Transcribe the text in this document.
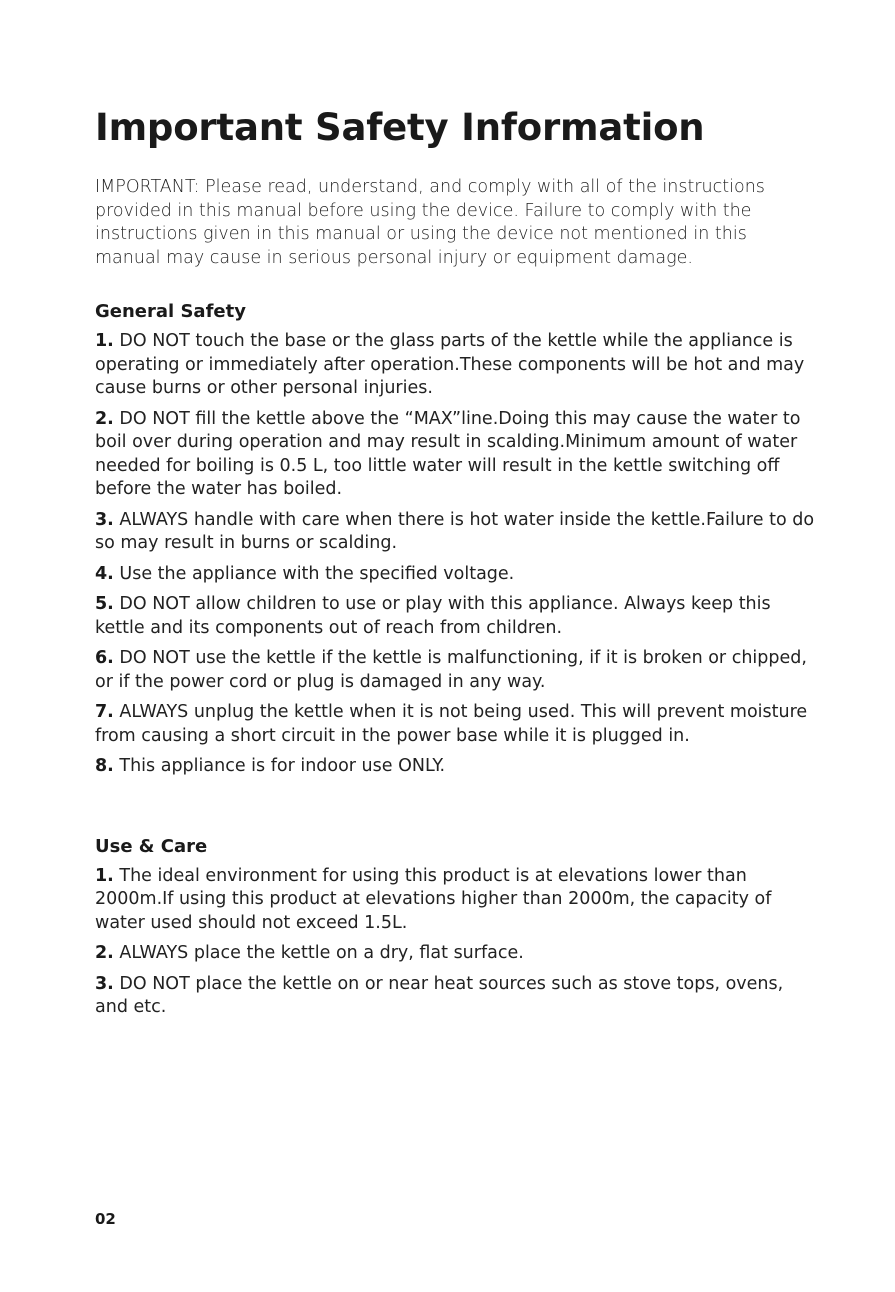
Important Safety Information

IMPORTANT: Please read, understand, and comply with all of the instructions provided in this manual before using the device. Failure to comply with the instructions given in this manual or using the device not mentioned in this manual may cause in serious personal injury or equipment damage.

General Safety

1. DO NOT touch the base or the glass parts of the kettle while the appliance is operating or immediately after operation.These components will be hot and may cause burns or other personal injuries.

2. DO NOT fill the kettle above the “MAX”line.Doing this may cause the water to boil over during operation and may result in scalding.Minimum amount of water needed for boiling is 0.5 L, too little water will result in the kettle switching off before the water has boiled.

3. ALWAYS handle with care when there is hot water inside the kettle.Failure to do so may result in burns or scalding.

4. Use the appliance with the specified voltage.

5. DO NOT allow children to use or play with this appliance. Always keep this kettle and its components out of reach from children.

6. DO NOT use the kettle if the kettle is malfunctioning, if it is broken or chipped, or if the power cord or plug is damaged in any way.

7. ALWAYS unplug the kettle when it is not being used. This will prevent moisture from causing a short circuit in the power base while it is plugged in.

8. This appliance is for indoor use ONLY.

Use & Care

1. The ideal environment for using this product is at elevations lower than 2000m.If using this product at elevations higher than 2000m, the capacity of water used should not exceed 1.5L.

2. ALWAYS place the kettle on a dry, flat surface.

3. DO NOT place the kettle on or near heat sources such as stove tops, ovens, and etc.

02
